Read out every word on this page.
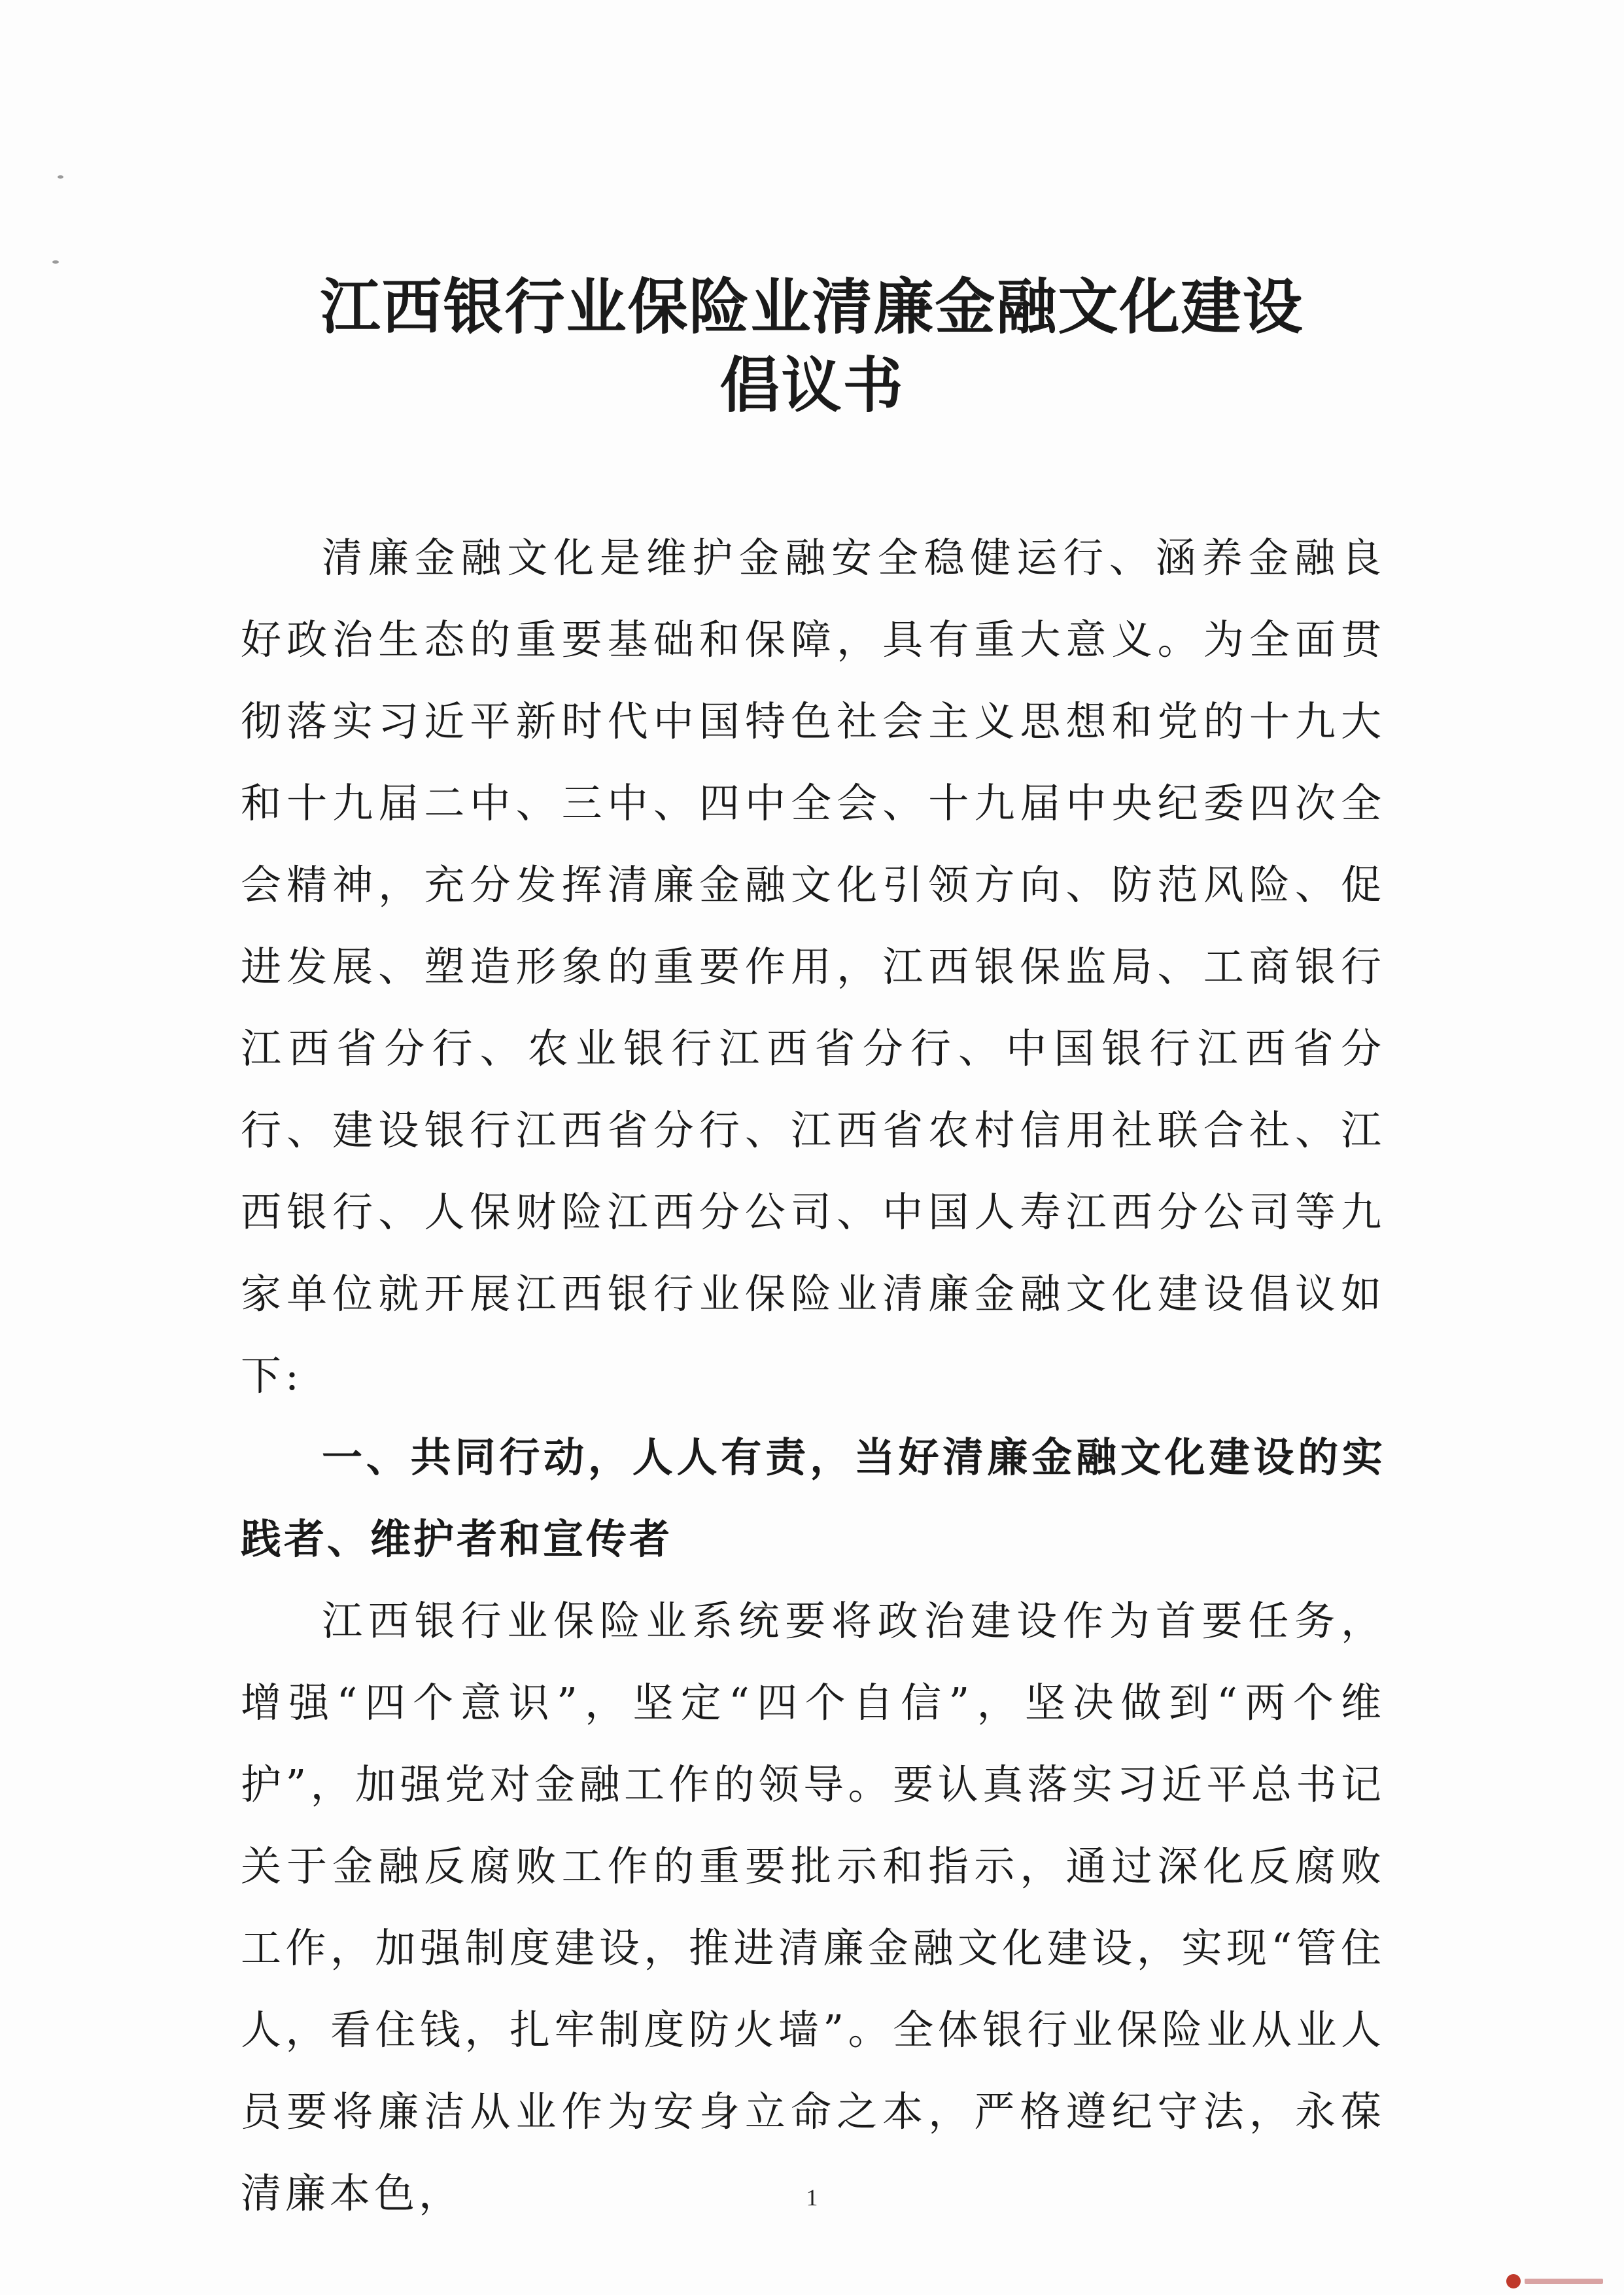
江西银行业保险业清廉金融文化建设
倡议书

清廉金融文化是维护金融安全稳健运行、涵养金融良好政治生态的重要基础和保障，具有重大意义。为全面贯彻落实习近平新时代中国特色社会主义思想和党的十九大和十九届二中、三中、四中全会、十九届中央纪委四次全会精神，充分发挥清廉金融文化引领方向、防范风险、促进发展、塑造形象的重要作用，江西银保监局、工商银行江西省分行、农业银行江西省分行、中国银行江西省分行、建设银行江西省分行、江西省农村信用社联合社、江西银行、人保财险江西分公司、中国人寿江西分公司等九家单位就开展江西银行业保险业清廉金融文化建设倡议如下:

一、共同行动，人人有责，当好清廉金融文化建设的实践者、维护者和宣传者

江西银行业保险业系统要将政治建设作为首要任务，增强“四个意识”，坚定“四个自信”，坚决做到“两个维护”，加强党对金融工作的领导。要认真落实习近平总书记关于金融反腐败工作的重要批示和指示，通过深化反腐败工作，加强制度建设，推进清廉金融文化建设，实现“管住人，看住钱，扎牢制度防火墙”。全体银行业保险业从业人员要将廉洁从业作为安身立命之本，严格遵纪守法，永葆清廉本色，	1
